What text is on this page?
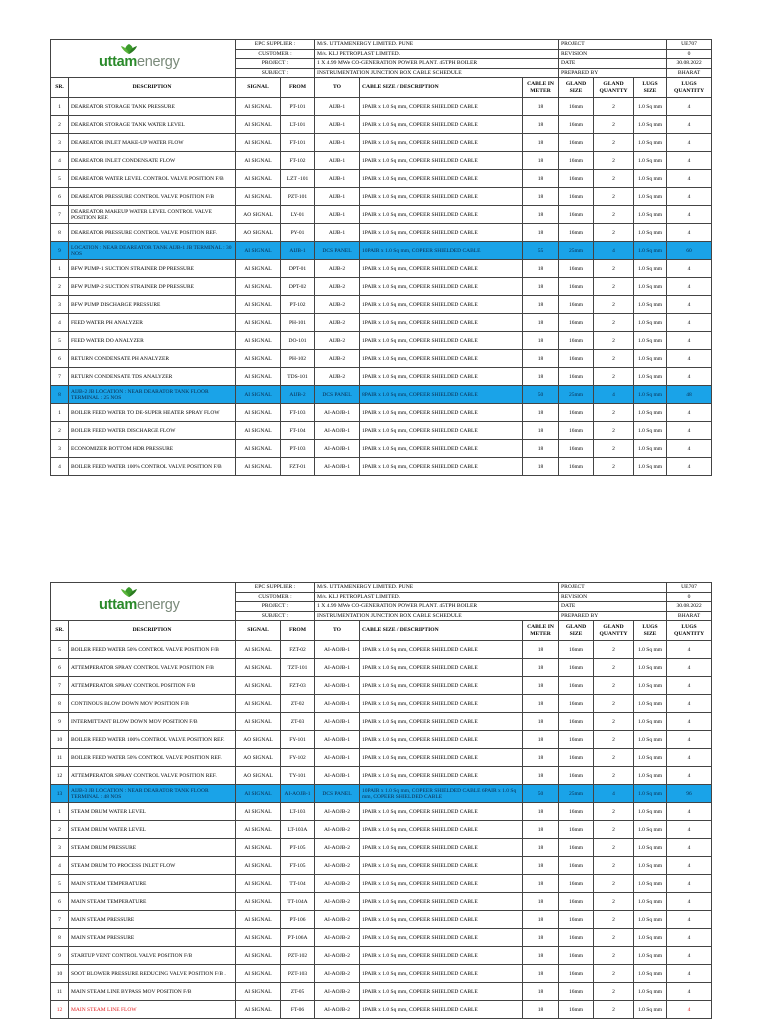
uttamenergy		EPC SUPPLIER :		M/S. UTTAMENERGY LIMITED. PUNE			PROJECT			UE707
		CUSTOMER :		M/s. KLJ PETROPLAST LIMITED.			REVISION			0
		PROJECT :		1 X 4.99 MWe CO-GENERATION POWER PLANT. 45TPH BOILER			DATE			30.08.2022
		SUBJECT :		INSTRUMENTATION JUNCTION BOX CABLE SCHEDULE			PREPARED BY			BHARAT
SR.	DESCRIPTION	SIGNAL	FROM	TO	CABLE SIZE / DESCRIPTION	CABLE IN METER	GLAND SIZE	GLAND QUANTTY	LUGS SIZE	LUGS QUANTITY
1	DEAREATOR STORAGE TANK PRESSURE	AI SIGNAL	PT-101	AIJB-1	1PAIR x 1.0 Sq mm, COPEER SHIELDED CABLE	18	16mm	2	1.0 Sq mm	4
2	DEAREATOR STORAGE TANK WATER LEVEL	AI SIGNAL	LT-101	AIJB-1	1PAIR x 1.0 Sq mm, COPEER SHIELDED CABLE	18	16mm	2	1.0 Sq mm	4
3	DEAREATOR INLET MAKE-UP WATER FLOW	AI SIGNAL	FT-101	AIJB-1	1PAIR x 1.0 Sq mm, COPEER SHIELDED CABLE	18	16mm	2	1.0 Sq mm	4
4	DEAREATOR INLET CONDENSATE FLOW	AI SIGNAL	FT-102	AIJB-1	1PAIR x 1.0 Sq mm, COPEER SHIELDED CABLE	18	16mm	2	1.0 Sq mm	4
5	DEAREATOR WATER LEVEL CONTROL VALVE POSITION F/B	AI SIGNAL	LZT -101	AIJB-1	1PAIR x 1.0 Sq mm, COPEER SHIELDED CABLE	18	16mm	2	1.0 Sq mm	4
6	DEAREATOR PRESSURE CONTROL VALVE POSITION F/B	AI SIGNAL	PZT-101	AIJB-1	1PAIR x 1.0 Sq mm, COPEER SHIELDED CABLE	18	16mm	2	1.0 Sq mm	4
7	DEAREATOR MAKEUP WATER LEVEL CONTROL VALVE POSITION REF.	AO SIGNAL	LY-01	AIJB-1	1PAIR x 1.0 Sq mm, COPEER SHIELDED CABLE	18	16mm	2	1.0 Sq mm	4
8	DEAREATOR PRESSURE CONTROL VALVE POSITION REF.	AO SIGNAL	PY-01	AIJB-1	1PAIR x 1.0 Sq mm, COPEER SHIELDED CABLE	18	16mm	2	1.0 Sq mm	4
9	LOCATION : NEAR DEAREATOR TANK AIJB-1 JB TERMINAL : 30 NOS	AI SIGNAL	AIJB-1	DCS PANEL	10PAIR x 1.0 Sq mm, COPEER SHIELDED CABLE	55	25mm	4	1.0 Sq mm	60
1	BFW PUMP-1 SUCTION STRAINER DP PRESSURE	AI SIGNAL	DPT-01	AIJB-2	1PAIR x 1.0 Sq mm, COPEER SHIELDED CABLE	18	16mm	2	1.0 Sq mm	4
2	BFW PUMP-2 SUCTION STRAINER DP PRESSURE	AI SIGNAL	DPT-02	AIJB-2	1PAIR x 1.0 Sq mm, COPEER SHIELDED CABLE	18	16mm	2	1.0 Sq mm	4
3	BFW PUMP DISCHARGE PRESSURE	AI SIGNAL	PT-102	AIJB-2	1PAIR x 1.0 Sq mm, COPEER SHIELDED CABLE	18	16mm	2	1.0 Sq mm	4
4	FEED WATER PH ANALYZER	AI SIGNAL	PH-101	AIJB-2	1PAIR x 1.0 Sq mm, COPEER SHIELDED CABLE	18	16mm	2	1.0 Sq mm	4
5	FEED WATER DO ANALYZER	AI SIGNAL	DO-101	AIJB-2	1PAIR x 1.0 Sq mm, COPEER SHIELDED CABLE	18	16mm	2	1.0 Sq mm	4
6	RETURN CONDENSATE PH ANALYZER	AI SIGNAL	PH-102	AIJB-2	1PAIR x 1.0 Sq mm, COPEER SHIELDED CABLE	18	16mm	2	1.0 Sq mm	4
7	RETURN CONDENSATE TDS ANALYZER	AI SIGNAL	TDS-101	AIJB-2	1PAIR x 1.0 Sq mm, COPEER SHIELDED CABLE	18	16mm	2	1.0 Sq mm	4
8	AIJB-2 JB LOCATION : NEAR DEARATOR TANK FLOOR TERMINAL : 25 NOS	AI SIGNAL	AIJB-2	DCS PANEL	8PAIR x 1.0 Sq mm, COPEER SHIELDED CABLE	50	25mm	4	1.0 Sq mm	48
1	BOILER FEED WATER TO DE-SUPER HEATER SPRAY FLOW	AI SIGNAL	FT-103	AI-AOJB-1	1PAIR x 1.0 Sq mm, COPEER SHIELDED CABLE	18	16mm	2	1.0 Sq mm	4
2	BOILER FEED WATER DISCHARGE FLOW	AI SIGNAL	FT-104	AI-AOJB-1	1PAIR x 1.0 Sq mm, COPEER SHIELDED CABLE	18	16mm	2	1.0 Sq mm	4
3	ECONOMIZER BOTTOM HDR PRESSURE	AI SIGNAL	PT-103	AI-AOJB-1	1PAIR x 1.0 Sq mm, COPEER SHIELDED CABLE	18	16mm	2	1.0 Sq mm	4
4	BOILER FEED WATER 100% CONTROL VALVE POSITION F/B	AI SIGNAL	FZT-01	AI-AOJB-1	1PAIR x 1.0 Sq mm, COPEER SHIELDED CABLE	18	16mm	2	1.0 Sq mm	4
uttamenergy		EPC SUPPLIER :		M/S. UTTAMENERGY LIMITED. PUNE			PROJECT			UE707
		CUSTOMER :		M/s. KLJ PETROPLAST LIMITED.			REVISION			0
		PROJECT :		1 X 4.99 MWe CO-GENERATION POWER PLANT. 45TPH BOILER			DATE			30.08.2022
		SUBJECT :		INSTRUMENTATION JUNCTION BOX CABLE SCHEDULE			PREPARED BY			BHARAT
SR.	DESCRIPTION	SIGNAL	FROM	TO	CABLE SIZE / DESCRIPTION	CABLE IN METER	GLAND SIZE	GLAND QUANTTY	LUGS SIZE	LUGS QUANTITY
5	BOILER FEED WATER 50% CONTROL VALVE POSITION F/B	AI SIGNAL	FZT-02	AI-AOJB-1	1PAIR x 1.0 Sq mm, COPEER SHIELDED CABLE	18	16mm	2	1.0 Sq mm	4
6	ATTEMPERATOR SPRAY CONTROL VALVE POSITION F/B	AI SIGNAL	TZT-101	AI-AOJB-1	1PAIR x 1.0 Sq mm, COPEER SHIELDED CABLE	18	16mm	2	1.0 Sq mm	4
7	ATTEMPERATOR SPRAY CONTROL POSITION F/B	AI SIGNAL	FZT-03	AI-AOJB-1	1PAIR x 1.0 Sq mm, COPEER SHIELDED CABLE	18	16mm	2	1.0 Sq mm	4
8	CONTINOUS BLOW DOWN MOV POSITION F/B	AI SIGNAL	ZT-02	AI-AOJB-1	1PAIR x 1.0 Sq mm, COPEER SHIELDED CABLE	18	16mm	2	1.0 Sq mm	4
9	INTERMITTANT BLOW DOWN MOV POSITION F/B	AI SIGNAL	ZT-03	AI-AOJB-1	1PAIR x 1.0 Sq mm, COPEER SHIELDED CABLE	18	16mm	2	1.0 Sq mm	4
10	BOILER FEED WATER 100% CONTROL VALVE POSITION REF.	AO SIGNAL	FY-101	AI-AOJB-1	1PAIR x 1.0 Sq mm, COPEER SHIELDED CABLE	18	16mm	2	1.0 Sq mm	4
11	BOILER FEED WATER 50% CONTROL VALVE POSITION REF.	AO SIGNAL	FY-102	AI-AOJB-1	1PAIR x 1.0 Sq mm, COPEER SHIELDED CABLE	18	16mm	2	1.0 Sq mm	4
12	ATTEMPERATOR SPRAY CONTROL VALVE POSITION REF.	AO SIGNAL	TY-101	AI-AOJB-1	1PAIR x 1.0 Sq mm, COPEER SHIELDED CABLE	18	16mm	2	1.0 Sq mm	4
13	AIJB-3 JB LOCATION : NEAR DEARATOR TANK FLOOR TERMINAL : 48 NOS	AI SIGNAL	AI-AOJB-1	DCS PANEL	10PAIR x 1.0 Sq mm, COPEER SHIELDED CABLE 6PAIR x 1.0 Sq mm, COPEER SHIELDED CABLE	50	25mm	4	1.0 Sq mm	96
1	STEAM DRUM WATER LEVEL	AI SIGNAL	LT-103	AI-AOJB-2	1PAIR x 1.0 Sq mm, COPEER SHIELDED CABLE	18	16mm	2	1.0 Sq mm	4
2	STEAM DRUM WATER LEVEL	AI SIGNAL	LT-103A	AI-AOJB-2	1PAIR x 1.0 Sq mm, COPEER SHIELDED CABLE	18	16mm	2	1.0 Sq mm	4
3	STEAM DRUM PRESSURE	AI SIGNAL	PT-105	AI-AOJB-2	1PAIR x 1.0 Sq mm, COPEER SHIELDED CABLE	18	16mm	2	1.0 Sq mm	4
4	STEAM DRUM TO PROCESS INLET FLOW	AI SIGNAL	FT-105	AI-AOJB-2	1PAIR x 1.0 Sq mm, COPEER SHIELDED CABLE	18	16mm	2	1.0 Sq mm	4
5	MAIN STEAM TEMPERATURE	AI SIGNAL	TT-104	AI-AOJB-2	1PAIR x 1.0 Sq mm, COPEER SHIELDED CABLE	18	16mm	2	1.0 Sq mm	4
6	MAIN STEAM TEMPERATURE	AI SIGNAL	TT-104A	AI-AOJB-2	1PAIR x 1.0 Sq mm, COPEER SHIELDED CABLE	18	16mm	2	1.0 Sq mm	4
7	MAIN STEAM PRESSURE	AI SIGNAL	PT-106	AI-AOJB-2	1PAIR x 1.0 Sq mm, COPEER SHIELDED CABLE	18	16mm	2	1.0 Sq mm	4
8	MAIN STEAM PRESSURE	AI SIGNAL	PT-106A	AI-AOJB-2	1PAIR x 1.0 Sq mm, COPEER SHIELDED CABLE	18	16mm	2	1.0 Sq mm	4
9	STARTUP VENT CONTROL VALVE POSITION F/B	AI SIGNAL	PZT-102	AI-AOJB-2	1PAIR x 1.0 Sq mm, COPEER SHIELDED CABLE	18	16mm	2	1.0 Sq mm	4
10	SOOT BLOWER PRESSURE REDUCING VALVE POSITION F/B .	AI SIGNAL	PZT-103	AI-AOJB-2	1PAIR x 1.0 Sq mm, COPEER SHIELDED CABLE	18	16mm	2	1.0 Sq mm	4
11	MAIN STEAM LINE BYPASS MOV POSITION F/B	AI SIGNAL	ZT-05	AI-AOJB-2	1PAIR x 1.0 Sq mm, COPEER SHIELDED CABLE	18	16mm	2	1.0 Sq mm	4
12	MAIN STEAM LINE FLOW	AI SIGNAL	FT-06	AI-AOJB-2	1PAIR x 1.0 Sq mm, COPEER SHIELDED CABLE	18	16mm	2	1.0 Sq mm	4
